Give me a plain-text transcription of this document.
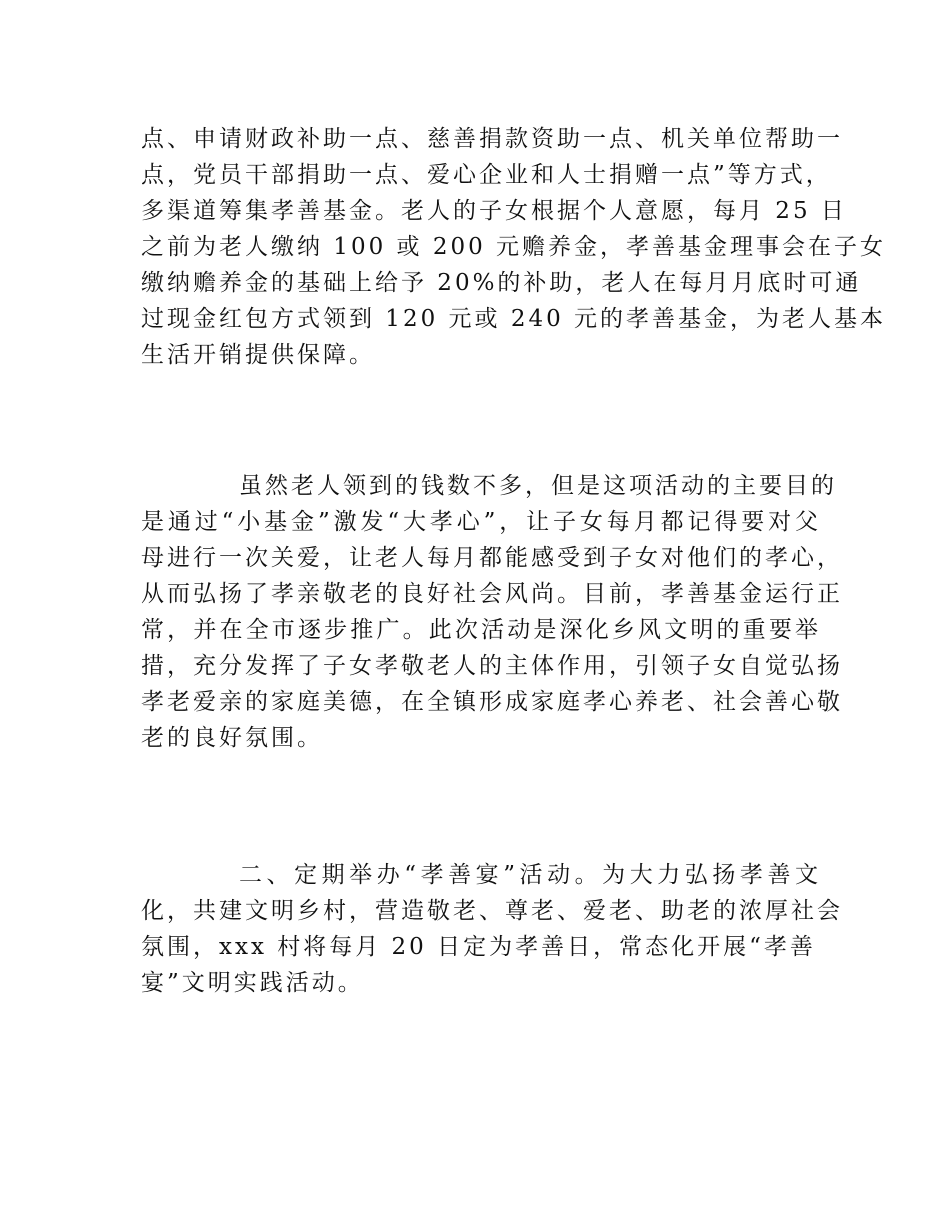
点、申请财政补助一点、慈善捐款资助一点、机关单位帮助一
点，党员干部捐助一点、爱心企业和人士捐赠一点”等方式，
多渠道筹集孝善基金。老人的子女根据个人意愿，每月 25 日
之前为老人缴纳 100 或 200 元赡养金，孝善基金理事会在子女
缴纳赡养金的基础上给予 20%的补助，老人在每月月底时可通
过现金红包方式领到 120 元或 240 元的孝善基金，为老人基本
生活开销提供保障。
虽然老人领到的钱数不多，但是这项活动的主要目的
是通过“小基金”激发“大孝心”，让子女每月都记得要对父
母进行一次关爱，让老人每月都能感受到子女对他们的孝心，
从而弘扬了孝亲敬老的良好社会风尚。目前，孝善基金运行正
常，并在全市逐步推广。此次活动是深化乡风文明的重要举
措，充分发挥了子女孝敬老人的主体作用，引领子女自觉弘扬
孝老爱亲的家庭美德，在全镇形成家庭孝心养老、社会善心敬
老的良好氛围。
二、定期举办“孝善宴”活动。为大力弘扬孝善文
化，共建文明乡村，营造敬老、尊老、爱老、助老的浓厚社会
氛围，xxx 村将每月 20 日定为孝善日，常态化开展“孝善
宴”文明实践活动。
